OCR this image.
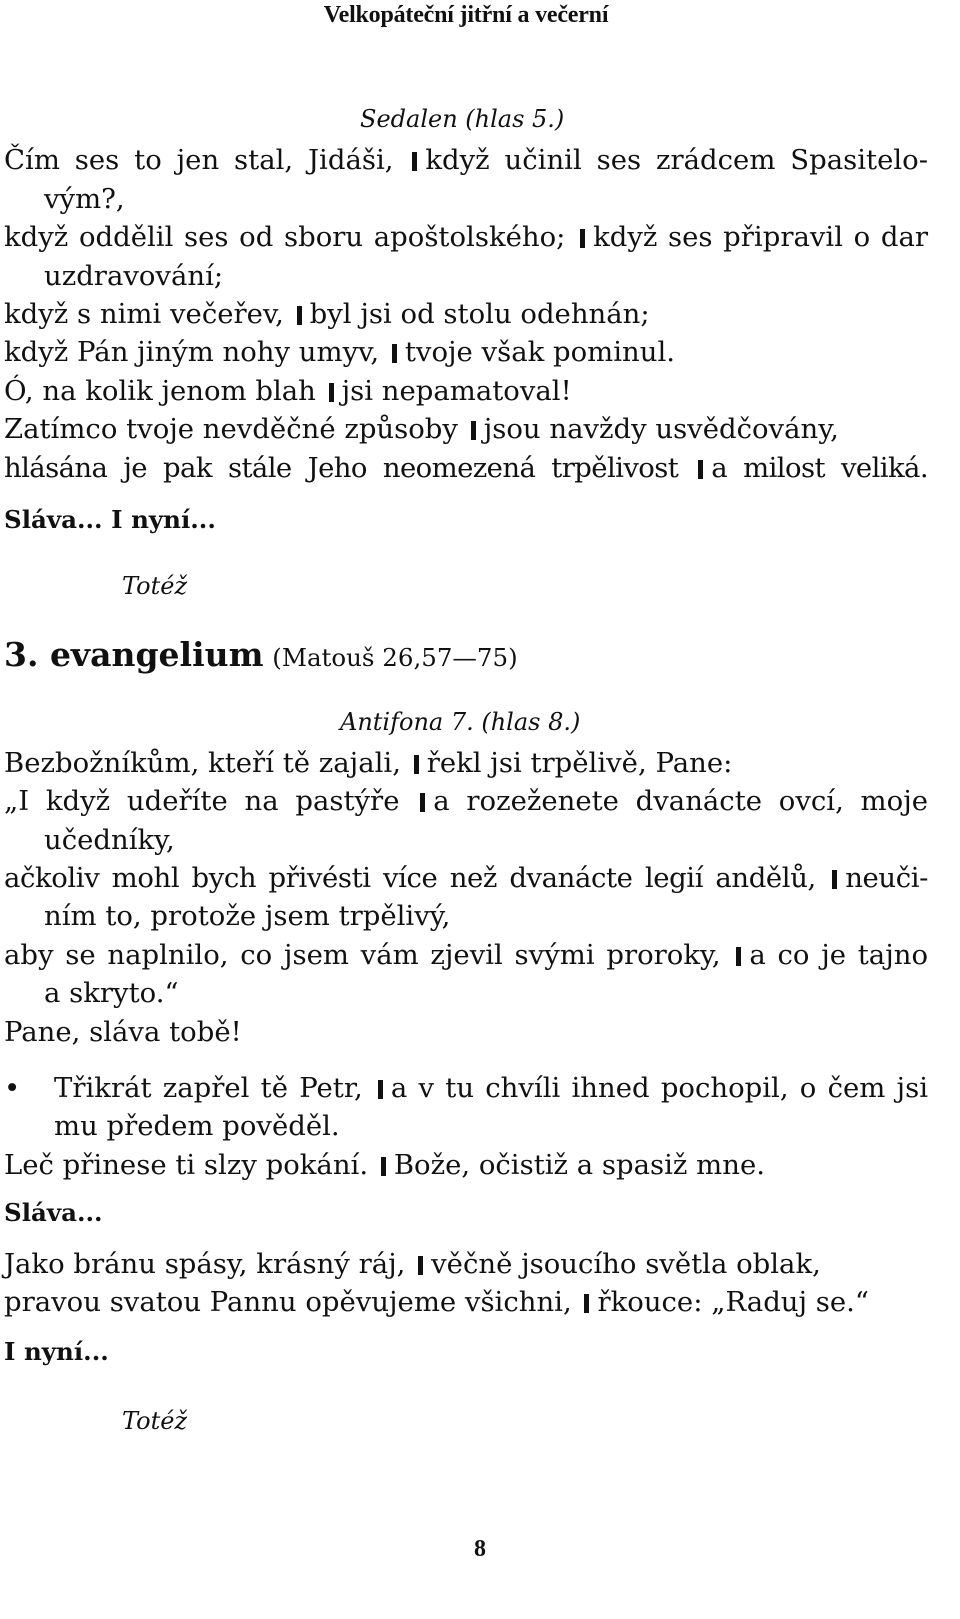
Velkopáteční jitřní a večerní
Sedalen (hlas 5.)
Čím ses to jen stal, Jidáši, když učinil ses zrádcem Spasitelo-
vým?,
když oddělil ses od sboru apoštolského; když ses připravil o dar
uzdravování;
když s nimi večeřev, byl jsi od stolu odehnán;
když Pán jiným nohy umyv, tvoje však pominul.
Ó, na kolik jenom blah jsi nepamatoval!
Zatímco tvoje nevděčné způsoby jsou navždy usvědčovány,
hlásána je pak stále Jeho neomezená trpělivost a milost veliká.
Sláva... I nyní...
Totéž
3. evangelium (Matouš 26,57—75)
Antifona 7. (hlas 8.)
Bezbožníkům, kteří tě zajali, řekl jsi trpělivě, Pane:
„I když udeříte na pastýře a rozeženete dvanácte ovcí, moje
učedníky,
ačkoliv mohl bych přivésti více než dvanácte legií andělů, neuči-
ním to, protože jsem trpělivý,
aby se naplnilo, co jsem vám zjevil svými proroky, a co je tajno
a skryto.“
Pane, sláva tobě!
• Třikrát zapřel tě Petr, a v tu chvíli ihned pochopil, o čem jsi
mu předem pověděl.
Leč přinese ti slzy pokání. Bože, očistiž a spasiž mne.
Sláva...
Jako bránu spásy, krásný ráj, věčně jsoucího světla oblak,
pravou svatou Pannu opěvujeme všichni, řkouce: „Raduj se.“
I nyní...
Totéž
8
